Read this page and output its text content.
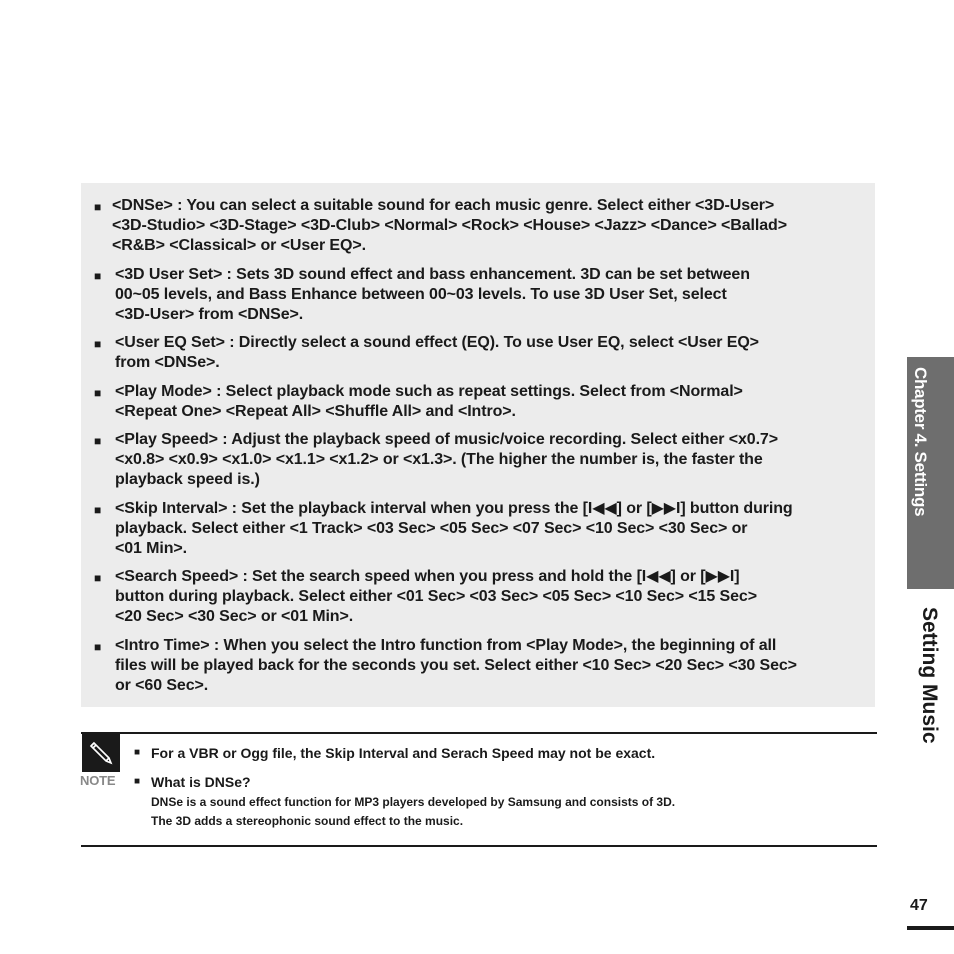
■ <DNSe> : You can select a suitable sound for each music genre. Select either <3D-User>
<3D-Studio> <3D-Stage> <3D-Club> <Normal> <Rock> <House> <Jazz> <Dance> <Ballad>
<R&B> <Classical> or <User EQ>.
■ <3D User Set> : Sets 3D sound effect and bass enhancement. 3D can be set between
00~05 levels, and Bass Enhance between 00~03 levels. To use 3D User Set, select
<3D-User> from <DNSe>.
■ <User EQ Set> : Directly select a sound effect (EQ). To use User EQ, select <User EQ>
from <DNSe>.
■ <Play Mode> : Select playback mode such as repeat settings. Select from <Normal>
<Repeat One> <Repeat All> <Shuffle All> and <Intro>.
■ <Play Speed> : Adjust the playback speed of music/voice recording. Select either <x0.7>
<x0.8> <x0.9> <x1.0> <x1.1> <x1.2> or <x1.3>. (The higher the number is, the faster the
playback speed is.)
■ <Skip Interval> : Set the playback interval when you press the [I◀◀] or [▶▶I] button during
playback. Select either <1 Track> <03 Sec> <05 Sec> <07 Sec> <10 Sec> <30 Sec> or
<01 Min>.
■ <Search Speed> : Set the search speed when you press and hold the [I◀◀] or [▶▶I]
button during playback. Select either <01 Sec> <03 Sec> <05 Sec> <10 Sec> <15 Sec>
<20 Sec> <30 Sec> or <01 Min>.
■ <Intro Time> : When you select the Intro function from <Play Mode>, the beginning of all
files will be played back for the seconds you set. Select either <10 Sec> <20 Sec> <30 Sec>
or <60 Sec>.
NOTE
■ For a VBR or Ogg file, the Skip Interval and Serach Speed may not be exact.
■ What is DNSe?
DNSe is a sound effect function for MP3 players developed by Samsung and consists of 3D.
The 3D adds a stereophonic sound effect to the music.
Chapter 4. Settings
Setting Music
47
